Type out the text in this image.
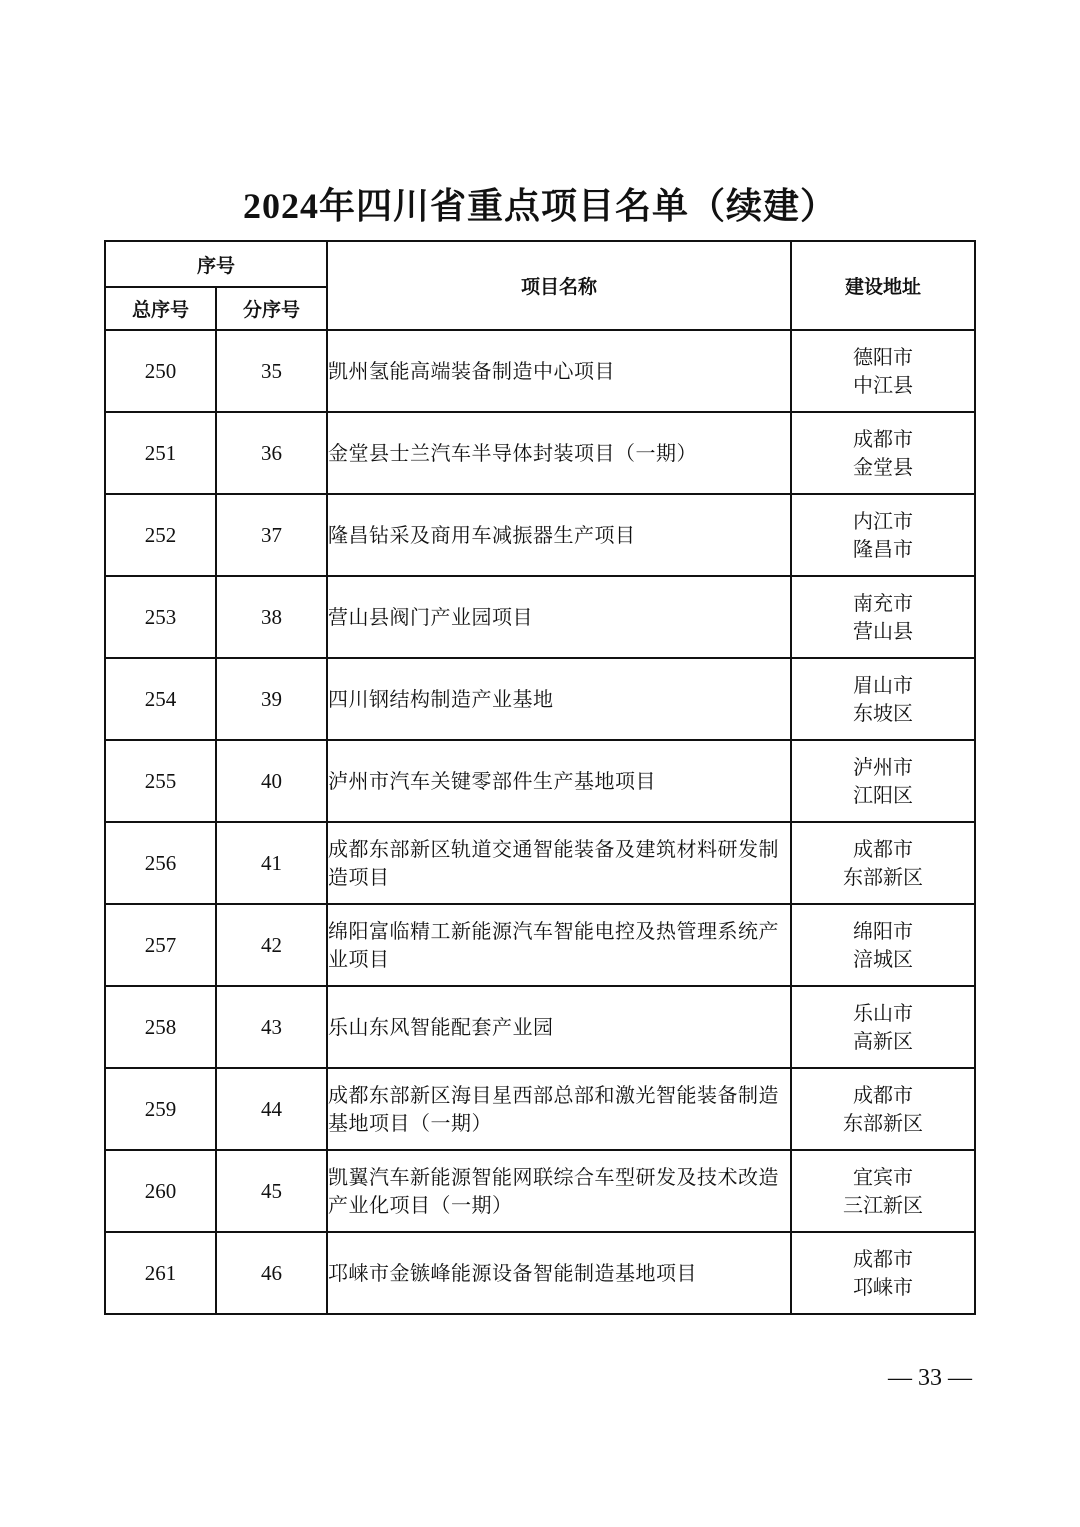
2024年四川省重点项目名单（续建）
序号		项目名称	建设地址
总序号	分序号		
250	35	凯州氢能高端装备制造中心项目	德阳市
中江县

251	36	金堂县士兰汽车半导体封装项目（一期）	成都市
金堂县

252	37	隆昌钻采及商用车减振器生产项目	内江市
隆昌市

253	38	营山县阀门产业园项目	南充市
营山县

254	39	四川钢结构制造产业基地	眉山市
东坡区

255	40	泸州市汽车关键零部件生产基地项目	泸州市
江阳区

256	41	成都东部新区轨道交通智能装备及建筑材料研发制造项目	成都市
东部新区

257	42	绵阳富临精工新能源汽车智能电控及热管理系统产业项目	绵阳市
涪城区

258	43	乐山东风智能配套产业园	乐山市
高新区

259	44	成都东部新区海目星西部总部和激光智能装备制造基地项目（一期）	成都市
东部新区

260	45	凯翼汽车新能源智能网联综合车型研发及技术改造产业化项目（一期）	宜宾市
三江新区

261	46	邛崃市金镞峰能源设备智能制造基地项目	成都市
邛崃市
— 33 —
